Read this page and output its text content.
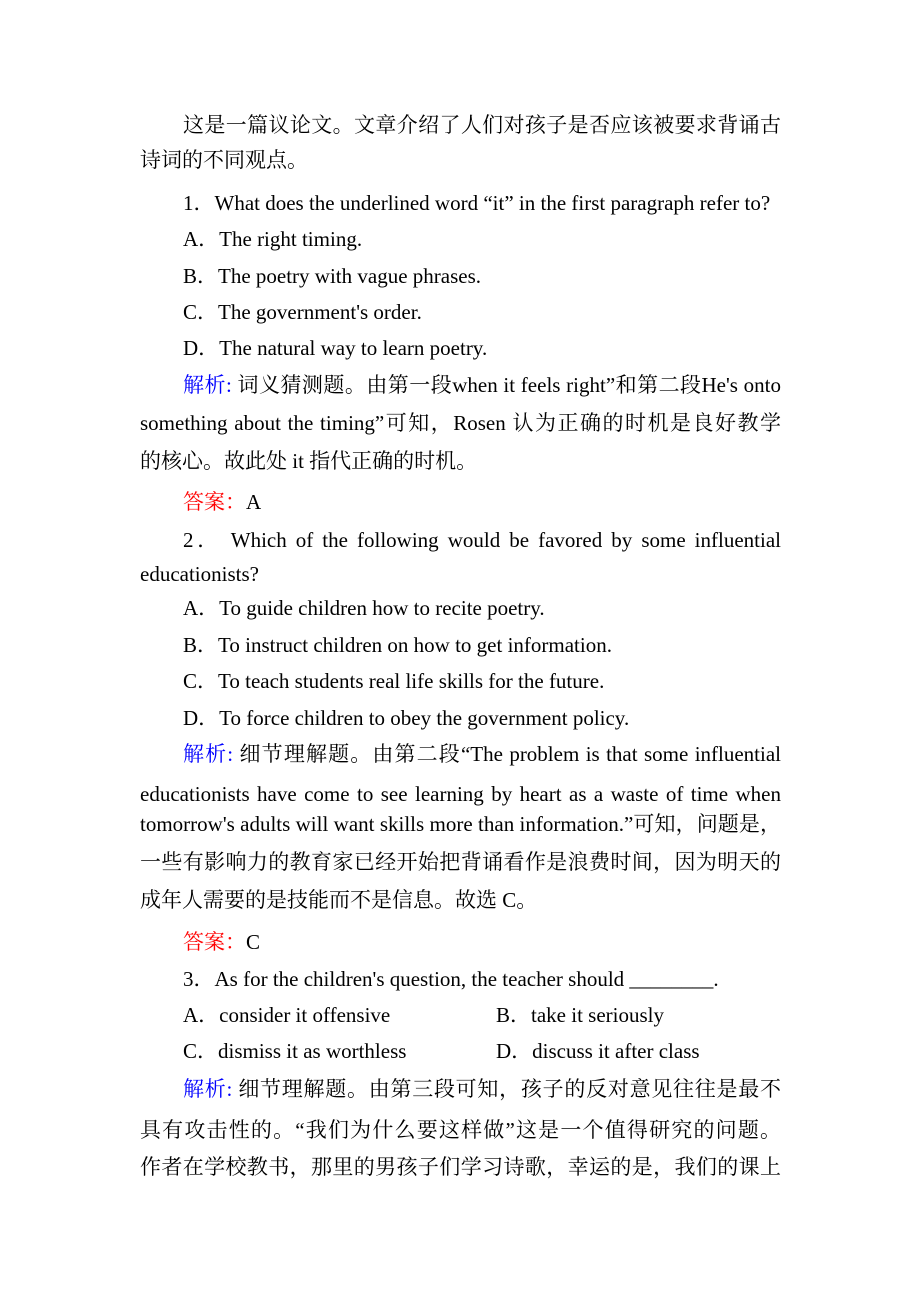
这是一篇议论文。文章介绍了人们对孩子是否应该被要求背诵古
诗词的不同观点。
1．What does the underlined word “it” in the first paragraph refer to?
A．The right timing.
B．The poetry with vague phrases.
C．The government's order.
D．The natural way to learn poetry.
解析: 词义猜测题。由第一段when it feels right”和第二段He's onto
something about the timing”可知，Rosen 认为正确的时机是良好教学
的核心。故此处 it 指代正确的时机。
答案：A
2． Which of the following would be favored by some influential
educationists?
A．To guide children how to recite poetry.
B．To instruct children on how to get information.
C．To teach students real life skills for the future.
D．To force children to obey the government policy.
解析: 细节理解题。由第二段“The problem is that some influential
educationists have come to see learning by heart as a waste of time when
tomorrow's adults will want skills more than information.”可知，问题是，
一些有影响力的教育家已经开始把背诵看作是浪费时间，因为明天的
成年人需要的是技能而不是信息。故选 C。
答案：C
3．As for the children's question, the teacher should ________.
A．consider it offensive	B．take it seriously
C．dismiss it as worthless	D．discuss it after class
解析: 细节理解题。由第三段可知，孩子的反对意见往往是最不
具有攻击性的。“我们为什么要这样做”这是一个值得研究的问题。
作者在学校教书，那里的男孩子们学习诗歌，幸运的是，我们的课上
